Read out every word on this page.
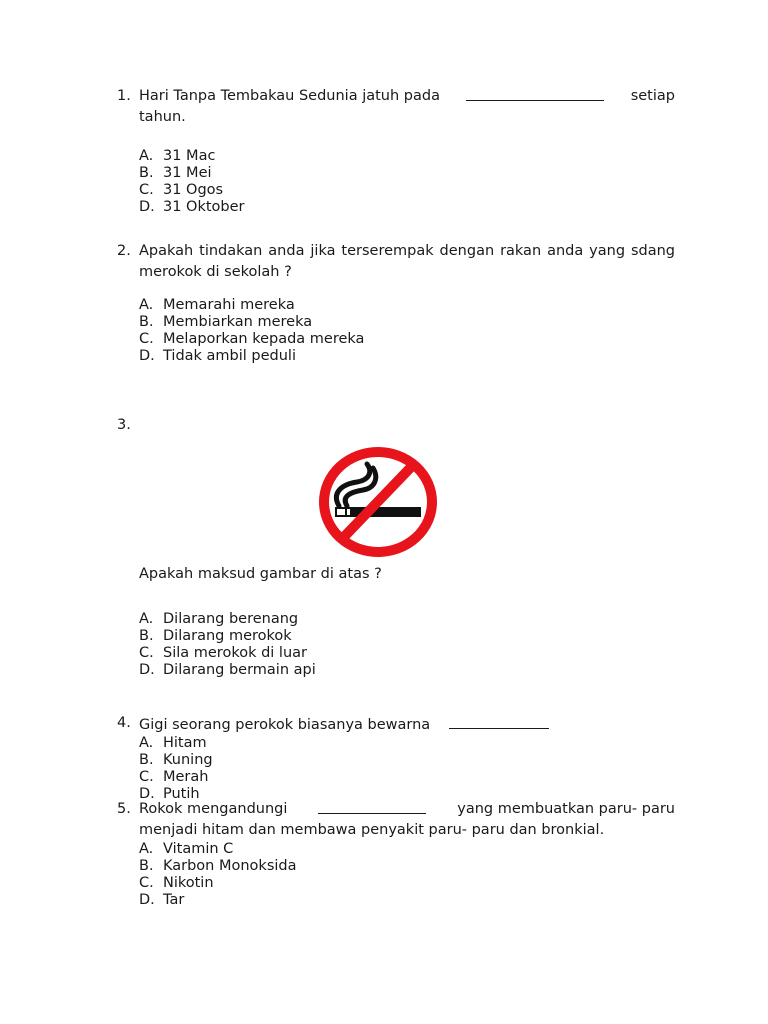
1. Hari Tanpa Tembakau Sedunia jatuh pada	setiap
tahun.
A. 31 Mac
B. 31 Mei
C. 31 Ogos
D. 31 Oktober
2. Apakah tindakan anda jika terserempak dengan rakan anda yang sdang merokok di sekolah ?
A. Memarahi mereka
B. Membiarkan mereka
C. Melaporkan kepada mereka
D. Tidak ambil peduli
3.
Apakah maksud gambar di atas ?
A. Dilarang berenang
B. Dilarang merokok
C. Sila merokok di luar
D. Dilarang bermain api
4. Gigi seorang perokok biasanya bewarna
A. Hitam
B. Kuning
C. Merah
D. Putih
5. Rokok mengandungi	yang membuatkan paru- paru
menjadi hitam dan membawa penyakit paru- paru dan bronkial.
A. Vitamin C
B. Karbon Monoksida
C. Nikotin
D. Tar
